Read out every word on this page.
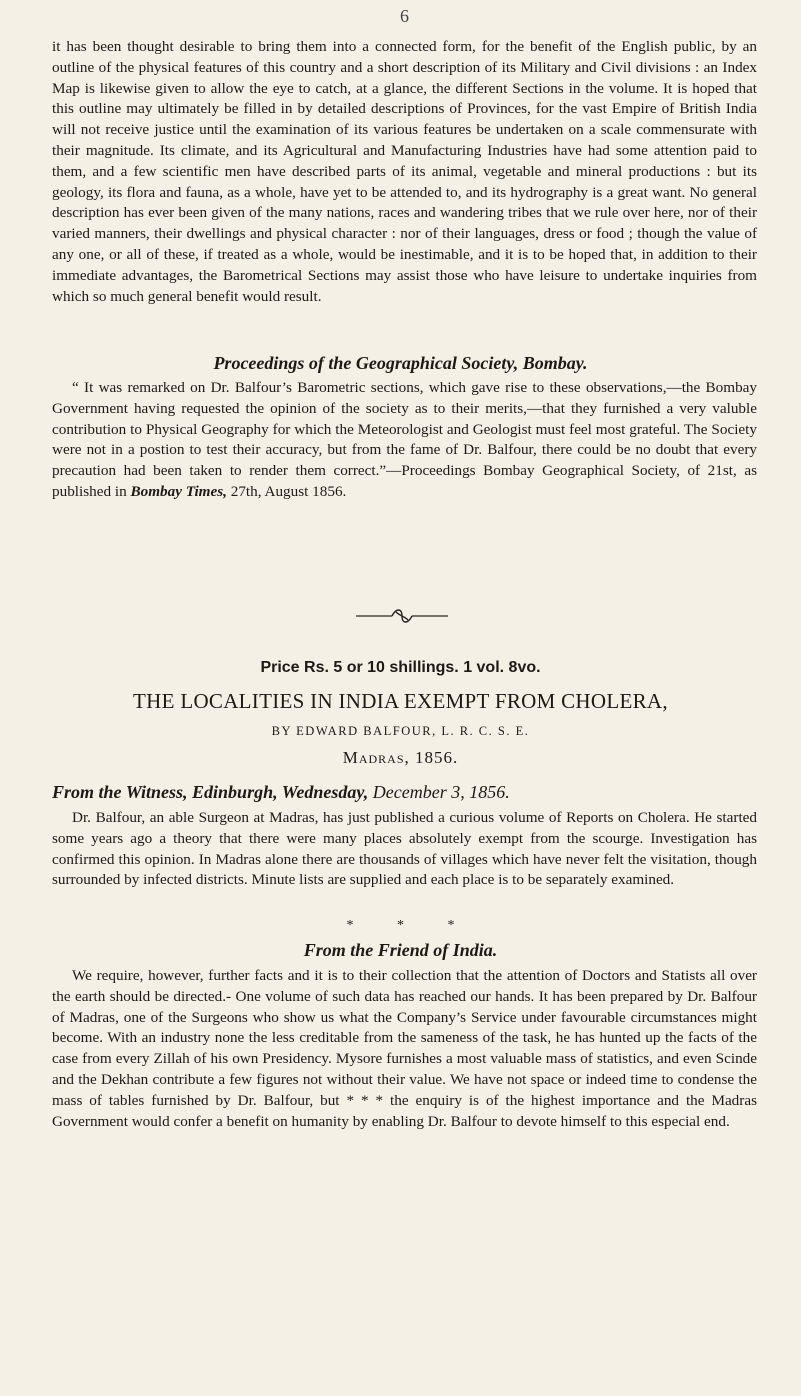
6

it has been thought desirable to bring them into a connected form, for the benefit of the English public, by an outline of the physical features of this country and a short description of its Military and Civil divisions : an Index Map is likewise given to allow the eye to catch, at a glance, the different Sections in the volume. It is hoped that this outline may ultimately be filled in by detailed descriptions of Provinces, for the vast Empire of British India will not receive justice until the examination of its various features be undertaken on a scale commensurate with their magnitude. Its climate, and its Agricultural and Manufacturing Industries have had some attention paid to them, and a few scientific men have described parts of its animal, vegetable and mineral productions : but its geology, its flora and fauna, as a whole, have yet to be attended to, and its hydrography is a great want. No general description has ever been given of the many nations, races and wandering tribes that we rule over here, nor of their varied manners, their dwellings and physical character : nor of their languages, dress or food ; though the value of any one, or all of these, if treated as a whole, would be inestimable, and it is to be hoped that, in addition to their immediate advantages, the Barometrical Sections may assist those who have leisure to undertake inquiries from which so much general benefit would result.

Proceedings of the Geographical Society, Bombay.

“ It was remarked on Dr. Balfour’s Barometric sections, which gave rise to these observations,—the Bombay Government having requested the opinion of the society as to their merits,—that they furnished a very valuble contribution to Physical Geography for which the Meteorologist and Geologist must feel most grateful. The Society were not in a postion to test their accuracy, but from the fame of Dr. Balfour, there could be no doubt that every precaution had been taken to render them correct.”—Proceedings Bombay Geographical Society, of 21st, as published in Bombay Times, 27th, August 1856.

Price Rs. 5 or 10 shillings. 1 vol. 8vo.
THE LOCALITIES IN INDIA EXEMPT FROM CHOLERA,
BY EDWARD BALFOUR, L. R. C. S. E.
Madras, 1856.
From the Witness, Edinburgh, Wednesday, December 3, 1856.

Dr. Balfour, an able Surgeon at Madras, has just published a curious volume of Reports on Cholera. He started some years ago a theory that there were many places absolutely exempt from the scourge. Investigation has confirmed this opinion. In Madras alone there are thousands of villages which have never felt the visitation, though surrounded by infected districts. Minute lists are supplied and each place is to be separately examined.

* * *
From the Friend of India.

We require, however, further facts and it is to their collection that the attention of Doctors and Statists all over the earth should be directed.- One volume of such data has reached our hands. It has been prepared by Dr. Balfour of Madras, one of the Surgeons who show us what the Company’s Service under favourable circumstances might become. With an industry none the less creditable from the sameness of the task, he has hunted up the facts of the case from every Zillah of his own Presidency. Mysore furnishes a most valuable mass of statistics, and even Scinde and the Dekhan contribute a few figures not without their value. We have not space or indeed time to condense the mass of tables furnished by Dr. Balfour, but * * * the enquiry is of the highest importance and the Madras Government would confer a benefit on humanity by enabling Dr. Balfour to devote himself to this especial end.
